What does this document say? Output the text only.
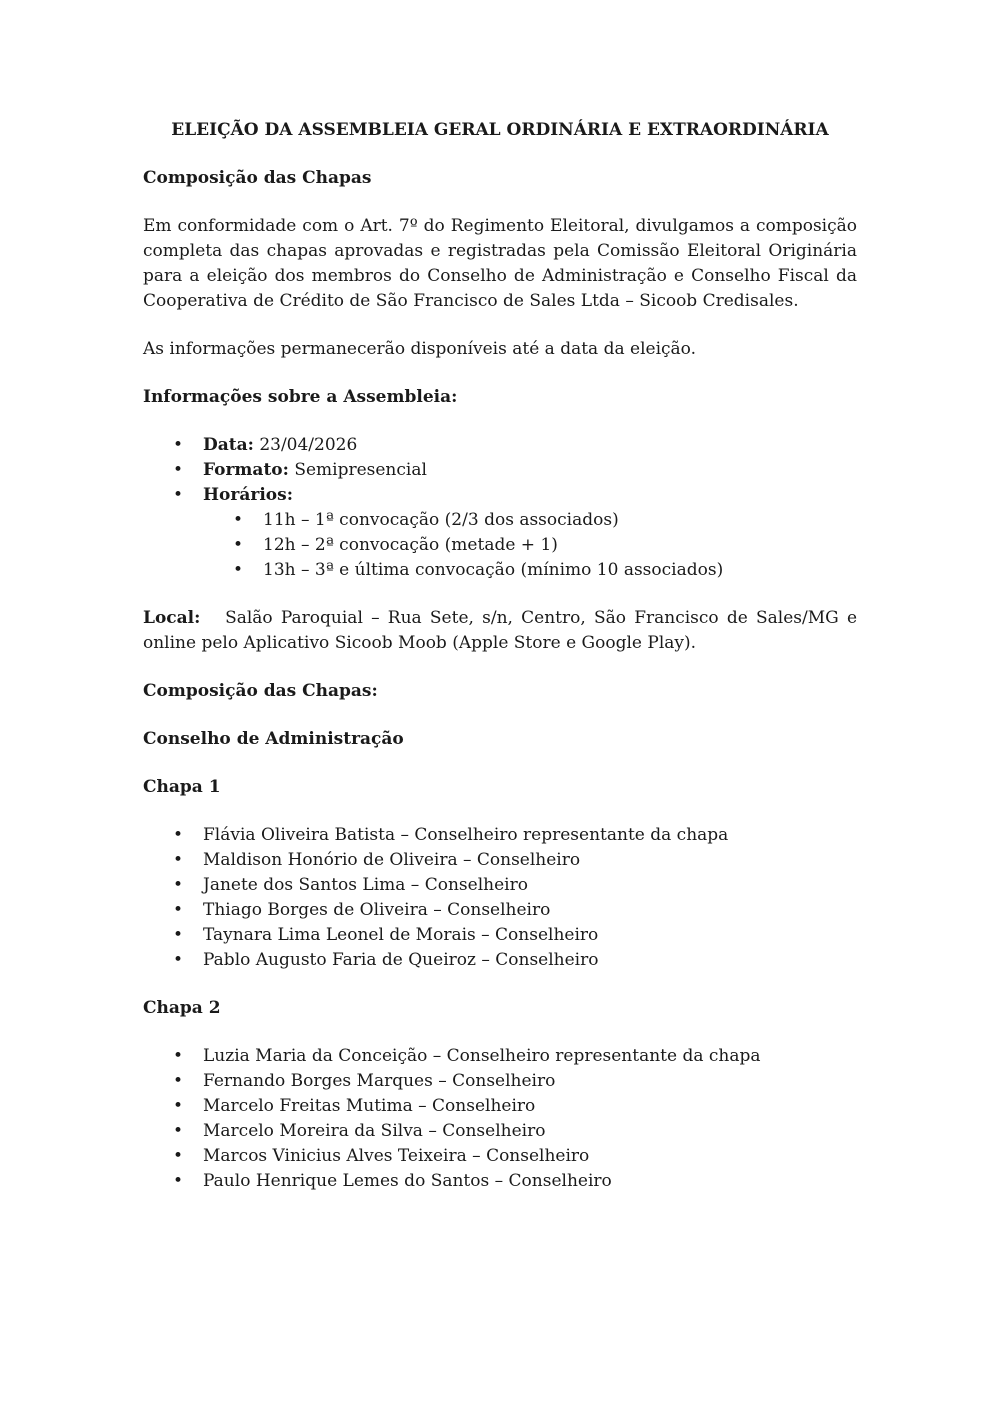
ELEIÇÃO DA ASSEMBLEIA GERAL ORDINÁRIA E EXTRAORDINÁRIA
Composição das Chapas
Em conformidade com o Art. 7º do Regimento Eleitoral, divulgamos a composição completa das chapas aprovadas e registradas pela Comissão Eleitoral Originária para a eleição dos membros do Conselho de Administração e Conselho Fiscal da Cooperativa de Crédito de São Francisco de Sales Ltda – Sicoob Credisales.
As informações permanecerão disponíveis até a data da eleição.
Informações sobre a Assembleia:
• Data: 23/04/2026
• Formato: Semipresencial
• Horários:
• 11h – 1ª convocação (2/3 dos associados)
• 12h – 2ª convocação (metade + 1)
• 13h – 3ª e última convocação (mínimo 10 associados)
Local: Salão Paroquial – Rua Sete, s/n, Centro, São Francisco de Sales/MG e online pelo Aplicativo Sicoob Moob (Apple Store e Google Play).
Composição das Chapas:
Conselho de Administração
Chapa 1
• Flávia Oliveira Batista – Conselheiro representante da chapa
• Maldison Honório de Oliveira – Conselheiro
• Janete dos Santos Lima – Conselheiro
• Thiago Borges de Oliveira – Conselheiro
• Taynara Lima Leonel de Morais – Conselheiro
• Pablo Augusto Faria de Queiroz – Conselheiro
Chapa 2
• Luzia Maria da Conceição – Conselheiro representante da chapa
• Fernando Borges Marques – Conselheiro
• Marcelo Freitas Mutima – Conselheiro
• Marcelo Moreira da Silva – Conselheiro
• Marcos Vinicius Alves Teixeira – Conselheiro
• Paulo Henrique Lemes do Santos – Conselheiro
